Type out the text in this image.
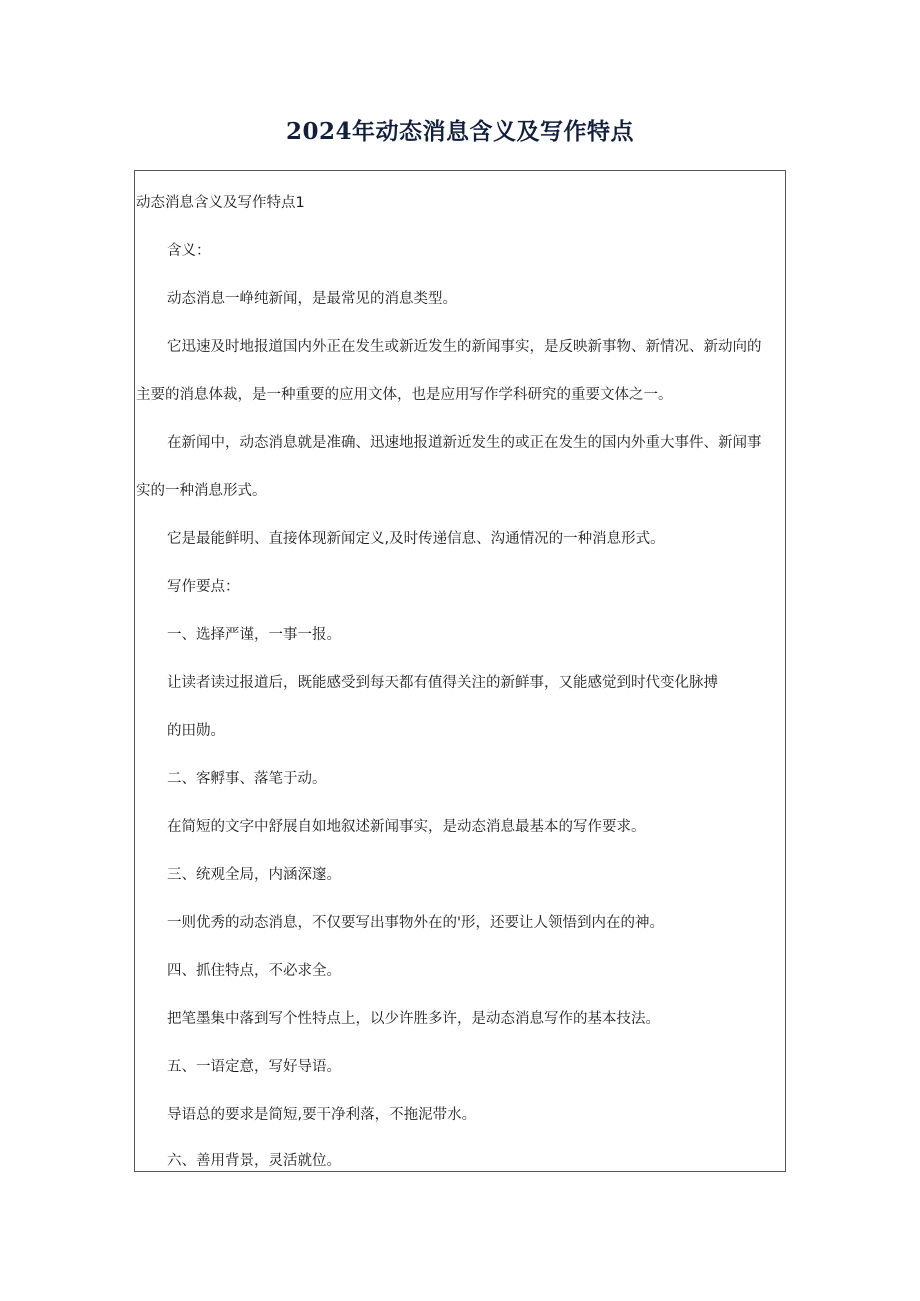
2024年动态消息含义及写作特点
动态消息含义及写作特点1
含义：
动态消息一峥纯新闻，是最常见的消息类型。
它迅速及时地报道国内外正在发生或新近发生的新闻事实，是反映新事物、新情况、新动向的
主要的消息体裁，是一种重要的应用文体，也是应用写作学科研究的重要文体之一。
在新闻中，动态消息就是准确、迅速地报道新近发生的或正在发生的国内外重大事件、新闻事
实的一种消息形式。
它是最能鲜明、直接体现新闻定义,及时传递信息、沟通情况的一种消息形式。
写作要点：
一、选择严谨，一事一报。
让读者读过报道后，既能感受到每天都有值得关注的新鲜事，又能感觉到时代变化脉搏
的田勋。
二、客孵事、落笔于动。
在简短的文字中舒展自如地叙述新闻事实，是动态消息最基本的写作要求。
三、统观全局，内涵深邃。
一则优秀的动态消息，不仅要写出事物外在的'形，还要让人领悟到内在的神。
四、抓住特点，不必求全。
把笔墨集中落到写个性特点上，以少许胜多许，是动态消息写作的基本技法。
五、一语定意，写好导语。
导语总的要求是简短,要干净利落，不拖泥带水。
六、善用背景，灵活就位。
